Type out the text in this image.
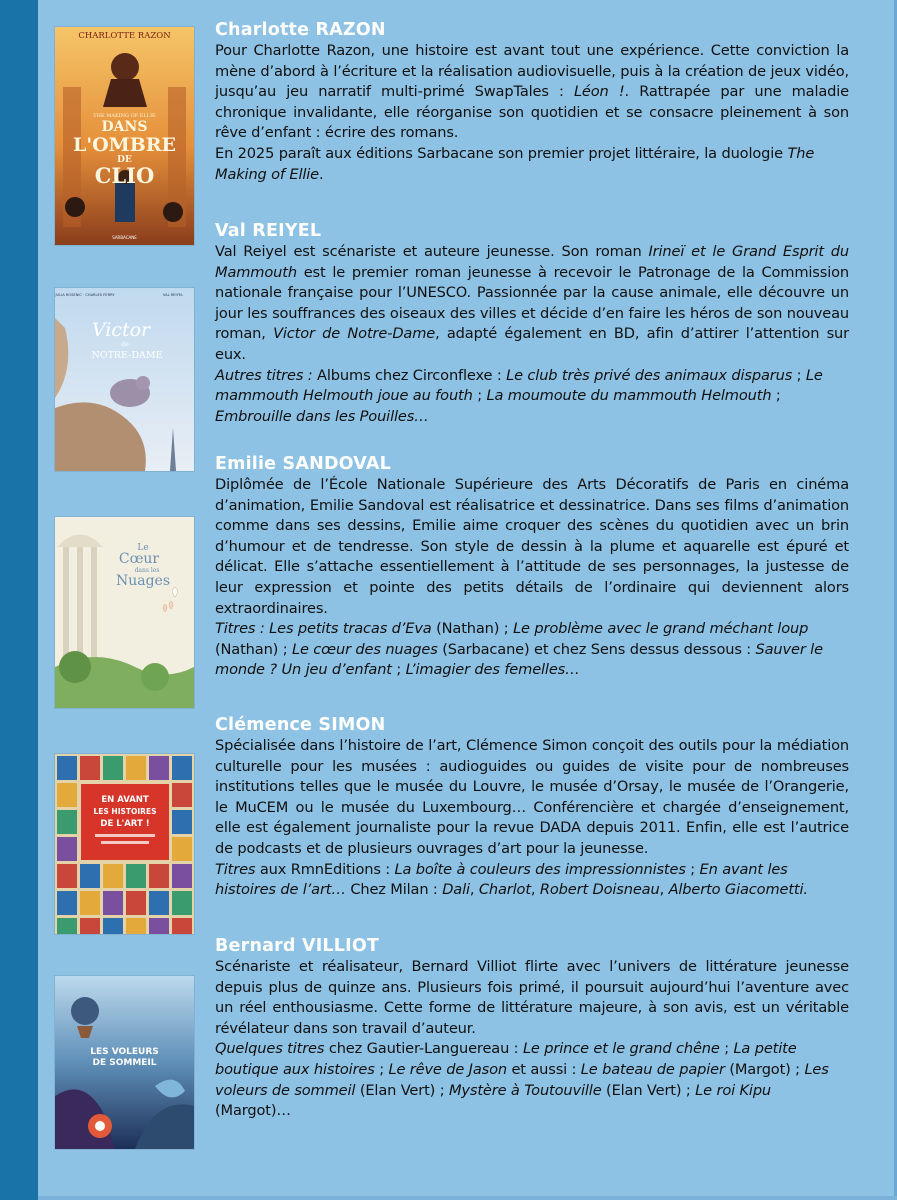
CHARLOTTE RAZON
THE MAKING OF ELLIE
DANS
L'OMBRE
DE
CLIO
SARBACANE
JULIA ROSENIC · CHARLES FERRY	VAL REIYEL
Victor
de
NOTRE-DAME
Le
Cœur
dans les
Nuages
EN AVANT
LES HISTOIRES
DE L'ART !
LES VOLEURS
DE SOMMEIL
Charlotte RAZON

Pour Charlotte Razon, une histoire est avant tout une expérience. Cette conviction la mène d’abord à l’écriture et la réalisation audiovisuelle, puis à la création de jeux vidéo, jusqu’au jeu narratif multi-primé SwapTales : Léon !. Rattrapée par une maladie chronique invalidante, elle réorganise son quotidien et se consacre pleinement à son rêve d’enfant : écrire des romans.

En 2025 paraît aux éditions Sarbacane son premier projet littéraire, la duologie The Making of Ellie.

Val REIYEL

Val Reiyel est scénariste et auteure jeunesse. Son roman Irineï et le Grand Esprit du Mammouth est le premier roman jeunesse à recevoir le Patronage de la Commission nationale française pour l’UNESCO. Passionnée par la cause animale, elle découvre un jour les souffrances des oiseaux des villes et décide d’en faire les héros de son nouveau roman, Victor de Notre-Dame, adapté également en BD, afin d’attirer l’attention sur eux.

Autres titres : Albums chez Circonflexe : Le club très privé des animaux disparus ; Le mammouth Helmouth joue au fouth ; La moumoute du mammouth Helmouth ; Embrouille dans les Pouilles…

Emilie SANDOVAL

Diplômée de l’École Nationale Supérieure des Arts Décoratifs de Paris en cinéma d’animation, Emilie Sandoval est réalisatrice et dessinatrice. Dans ses films d’animation comme dans ses dessins, Emilie aime croquer des scènes du quotidien avec un brin d’humour et de tendresse. Son style de dessin à la plume et aquarelle est épuré et délicat. Elle s’attache essentiellement à l’attitude de ses personnages, la justesse de leur expression et pointe des petits détails de l’ordinaire qui deviennent alors extraordinaires.

Titres : Les petits tracas d’Eva (Nathan) ; Le problème avec le grand méchant loup (Nathan) ; Le cœur des nuages (Sarbacane) et chez Sens dessus dessous : Sauver le monde ? Un jeu d’enfant ; L’imagier des femelles…

Clémence SIMON

Spécialisée dans l’histoire de l’art, Clémence Simon conçoit des outils pour la médiation culturelle pour les musées : audioguides ou guides de visite pour de nombreuses institutions telles que le musée du Louvre, le musée d’Orsay, le musée de l’Orangerie, le MuCEM ou le musée du Luxembourg… Conférencière et chargée d’enseignement, elle est également journaliste pour la revue DADA depuis 2011. Enfin, elle est l’autrice de podcasts et de plusieurs ouvrages d’art pour la jeunesse.

Titres aux RmnEditions : La boîte à couleurs des impressionnistes ; En avant les histoires de l’art… Chez Milan : Dali, Charlot, Robert Doisneau, Alberto Giacometti.

Bernard VILLIOT

Scénariste et réalisateur, Bernard Villiot flirte avec l’univers de littérature jeunesse depuis plus de quinze ans. Plusieurs fois primé, il poursuit aujourd’hui l’aventure avec un réel enthousiasme. Cette forme de littérature majeure, à son avis, est un véritable révélateur dans son travail d’auteur.

Quelques titres chez Gautier-Languereau : Le prince et le grand chêne ; La petite boutique aux histoires ; Le rêve de Jason et aussi : Le bateau de papier (Margot) ; Les voleurs de sommeil (Elan Vert) ; Mystère à Toutouville (Elan Vert) ; Le roi Kipu (Margot)…
